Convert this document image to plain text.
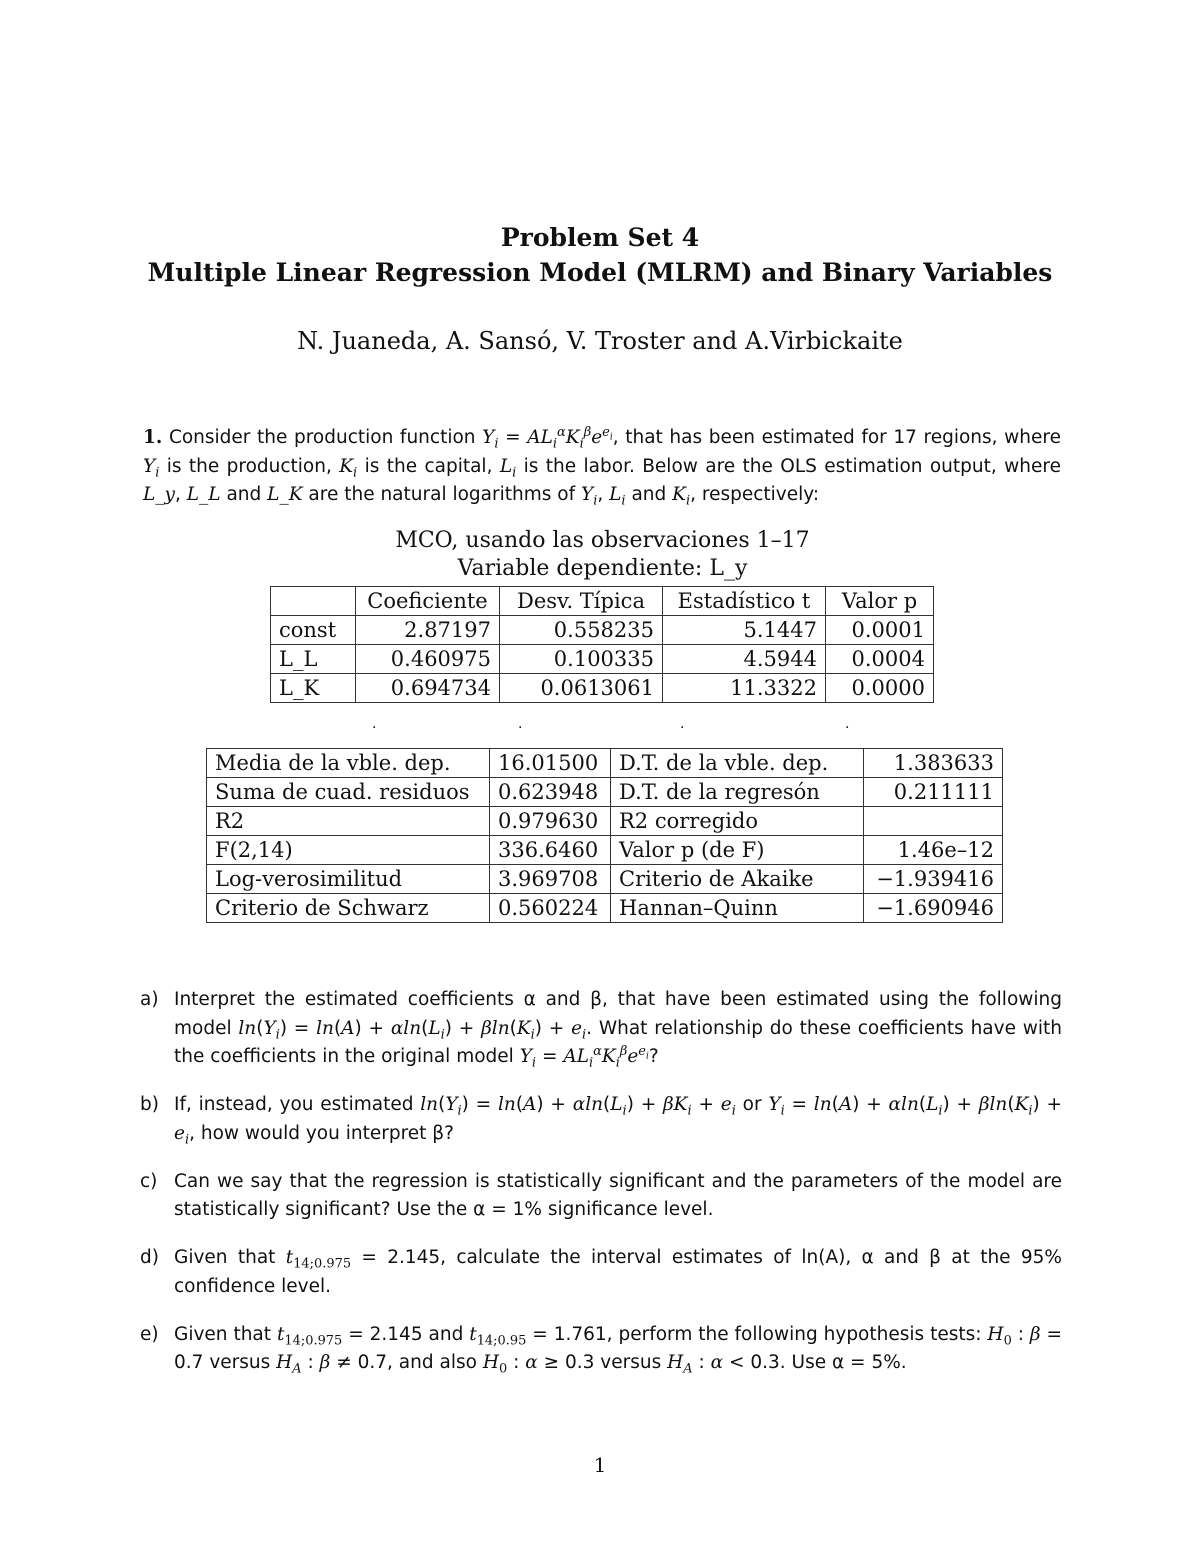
Problem Set 4
Multiple Linear Regression Model (MLRM) and Binary Variables
N. Juaneda, A. Sansó, V. Troster and A.Virbickaite
1. Consider the production function $Y_i = AL_i^\alpha K_i^\beta e^{e_i}$, that has been estimated for 17 regions, where $Y_i$ is the production, $K_i$ is the capital, $L_i$ is the labor. Below are the OLS estimation output, where L_y, L_L and L_K are the natural logarithms of $Y_i$, $L_i$ and $K_i$, respectively:
MCO, usando las observaciones 1–17
Variable dependiente: L_y
	Coeficiente	Desv. Típica	Estadístico t	Valor p
const	2.87197	0.558235	5.1447	0.0001
L_L	0.460975	0.100335	4.5944	0.0004
L_K	0.694734	0.0613061	11.3322	0.0000
·	·	·	·
Media de la vble. dep.	16.01500	D.T. de la vble. dep.	1.383633
Suma de cuad. residuos	0.623948	D.T. de la regresón	0.211111
R2	0.979630	R2 corregido	
F(2,14)	336.6460	Valor p (de F)	1.46e–12
Log-verosimilitud	3.969708	Criterio de Akaike	−1.939416
Criterio de Schwarz	0.560224	Hannan–Quinn	−1.690946
a) Interpret the estimated coefficients α and β, that have been estimated using the following model $\ln(Y_i) = \ln(A) + \alpha\ln(L_i) + \beta\ln(K_i) + e_i$. What relationship do these coefficients have with the coefficients in the original model $Y_i = AL_i^\alpha K_i^\beta e^{e_i}$?
b) If, instead, you estimated $\ln(Y_i) = \ln(A) + \alpha\ln(L_i) + \beta K_i + e_i$ or $Y_i = \ln(A) + \alpha\ln(L_i) + \beta\ln(K_i) + e_i$, how would you interpret β?
c) Can we say that the regression is statistically significant and the parameters of the model are statistically significant? Use the α = 1% significance level.
d) Given that $t_{14;0.975} = 2.145$, calculate the interval estimates of ln(A), α and β at the 95% confidence level.
e) Given that $t_{14;0.975} = 2.145$ and $t_{14;0.95} = 1.761$, perform the following hypothesis tests: $H_0$ : β = 0.7 versus $H_A$ : β ≠ 0.7, and also $H_0$ : α ≥ 0.3 versus $H_A$ : α < 0.3. Use α = 5%.
1
